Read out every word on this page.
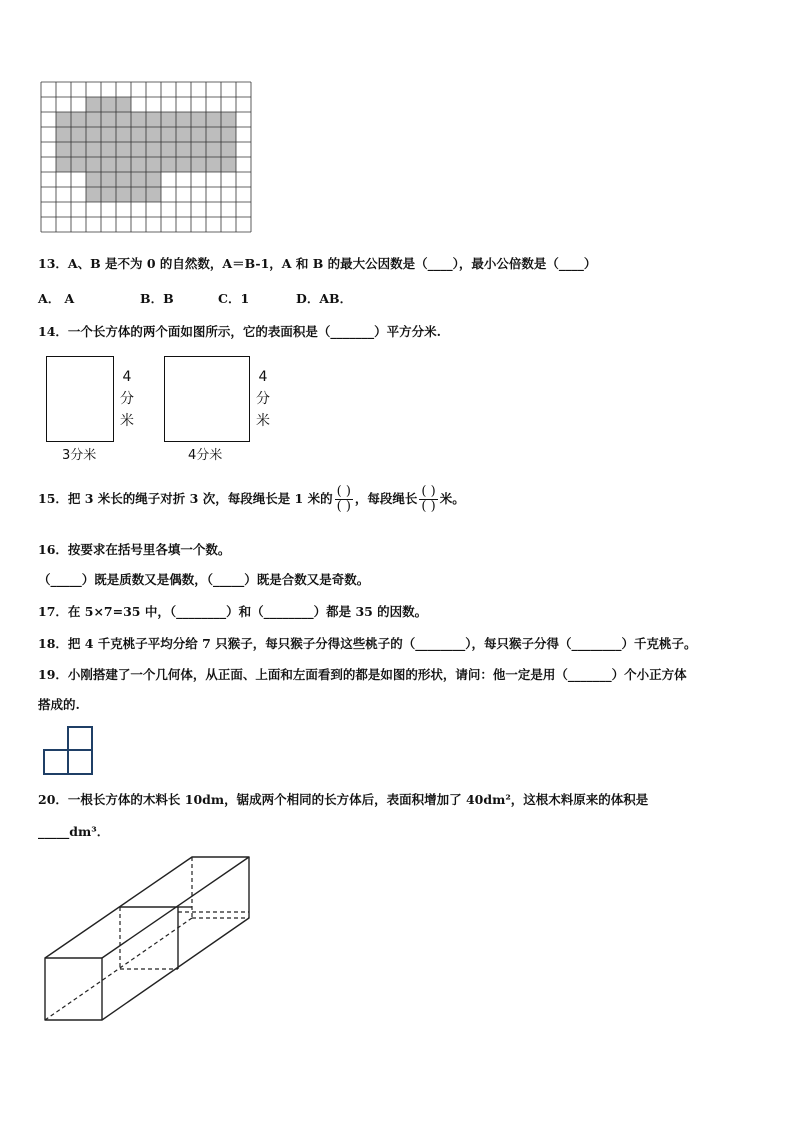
13．A、B 是不为 0 的自然数，A＝B-1，A 和 B 的最大公因数是（____），最小公倍数是（____）
A． A	B．B	C．1	D．AB．
14．一个长方体的两个面如图所示，它的表面积是（_______）平方分米.
4
分
米
3分米
4
分
米
4分米
15．把 3 米长的绳子对折 3 次，每段绳长是 1 米的 $\frac{( )}{( )}$ ，每段绳长 $\frac{( )}{( )}$ 米。
16．按要求在括号里各填一个数。
（_____）既是质数又是偶数，（_____）既是合数又是奇数。
17．在 5×7=35 中，（________）和（________）都是 35 的因数。
18．把 4 千克桃子平均分给 7 只猴子，每只猴子分得这些桃子的（________），每只猴子分得（________）千克桃子。
19．小刚搭建了一个几何体，从正面、上面和左面看到的都是如图的形状，请问：他一定是用（_______）个小正方体
搭成的.
20．一根长方体的木料长 10dm，锯成两个相同的长方体后，表面积增加了 40dm²，这根木料原来的体积是
_____dm³．
